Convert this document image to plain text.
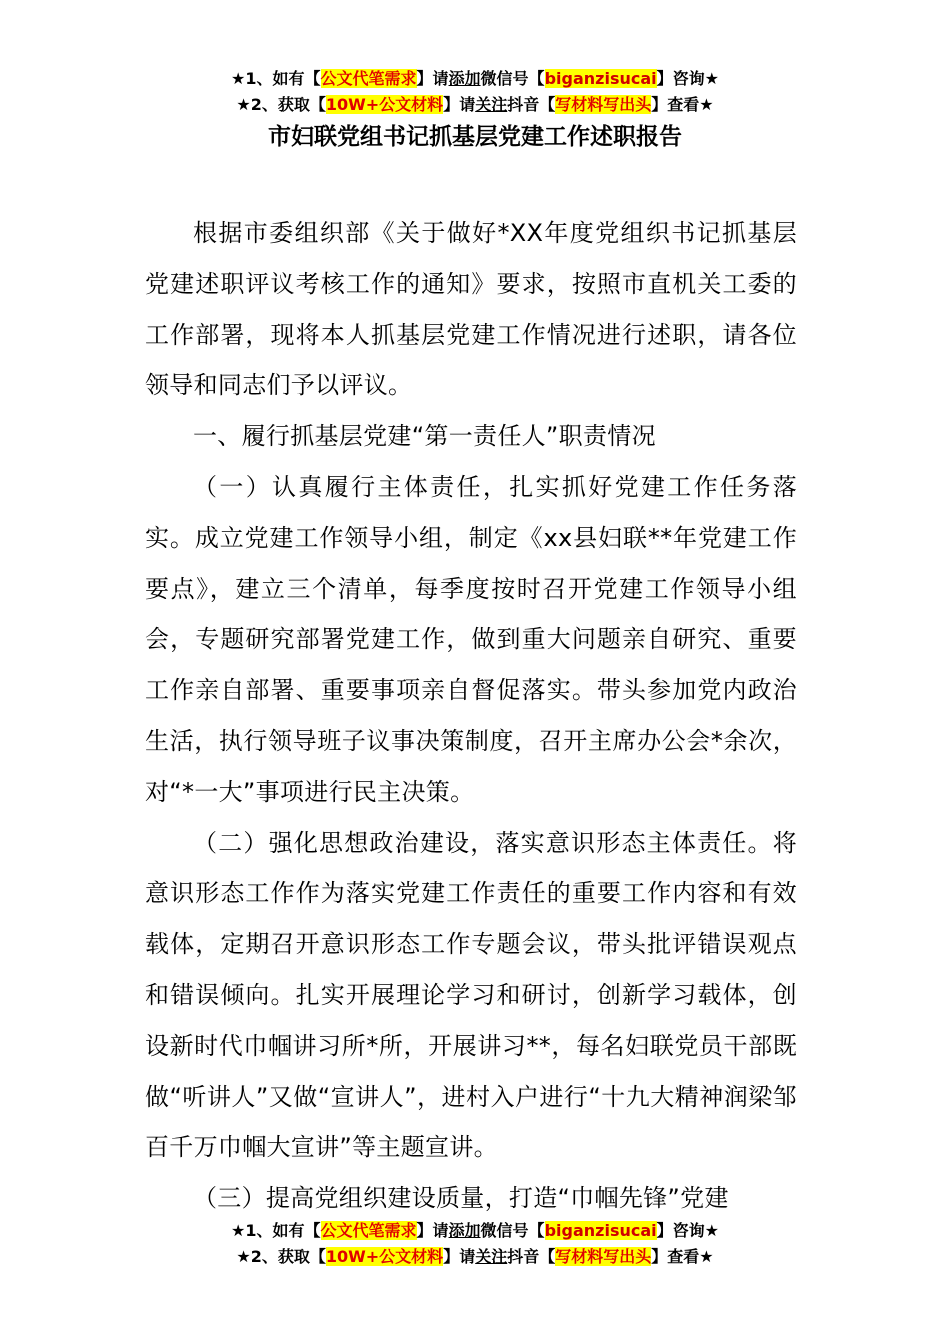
★1、如有【公文代笔需求】请添加微信号【biganzisucai】咨询★
★2、获取【10W+公文材料】请关注抖音【写材料写出头】查看★
市妇联党组书记抓基层党建工作述职报告

根据市委组织部《关于做好*XX年度党组织书记抓基层党建述职评议考核工作的通知》要求，按照市直机关工委的工作部署，现将本人抓基层党建工作情况进行述职，请各位领导和同志们予以评议。

一、履行抓基层党建“第一责任人”职责情况

（一）认真履行主体责任，扎实抓好党建工作任务落实。成立党建工作领导小组，制定《xx县妇联**年党建工作要点》，建立三个清单，每季度按时召开党建工作领导小组会，专题研究部署党建工作，做到重大问题亲自研究、重要工作亲自部署、重要事项亲自督促落实。带头参加党内政治生活，执行领导班子议事决策制度，召开主席办公会*余次，对“*一大”事项进行民主决策。

（二）强化思想政治建设，落实意识形态主体责任。将意识形态工作作为落实党建工作责任的重要工作内容和有效载体，定期召开意识形态工作专题会议，带头批评错误观点和错误倾向。扎实开展理论学习和研讨，创新学习载体，创设新时代巾帼讲习所*所，开展讲习**，每名妇联党员干部既做“听讲人”又做“宣讲人”，进村入户进行“十九大精神润梁邹 百千万巾帼大宣讲”等主题宣讲。

（三）提高党组织建设质量，打造“巾帼先锋”党建

★1、如有【公文代笔需求】请添加微信号【biganzisucai】咨询★
★2、获取【10W+公文材料】请关注抖音【写材料写出头】查看★
